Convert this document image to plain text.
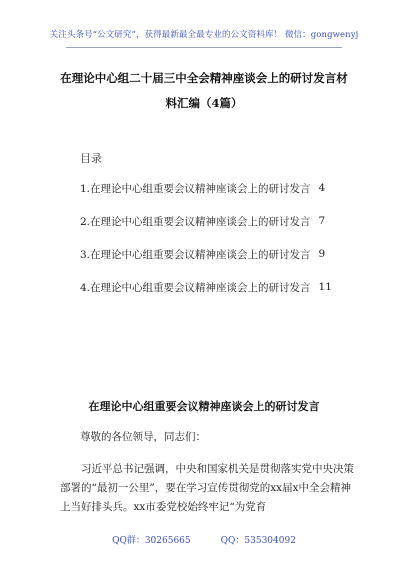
关注头条号“公文研究”，获得最新最全最专业的公文资料库！ 微信：gongwenyj
在理论中心组二十届三中全会精神座谈会上的研讨发言材料汇编（4篇）
目录
1.在理论中心组重要会议精神座谈会上的研讨发言 4
2.在理论中心组重要会议精神座谈会上的研讨发言 7
3.在理论中心组重要会议精神座谈会上的研讨发言 9
4.在理论中心组重要会议精神座谈会上的研讨发言 11
在理论中心组重要会议精神座谈会上的研讨发言
尊敬的各位领导，同志们：
习近平总书记强调，中央和国家机关是贯彻落实党中央决策部署的“最初一公里”，要在学习宣传贯彻党的xx届x中全会精神上当好排头兵。xx市委党校始终牢记“为党育
QQ群：30265665	QQ：535304092
